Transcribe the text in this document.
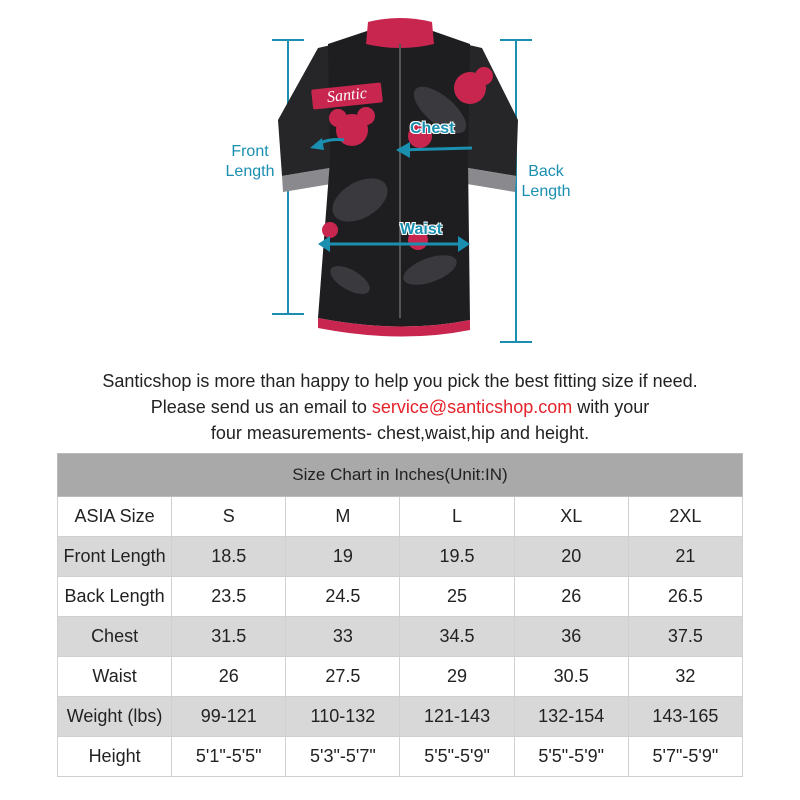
Front
Length	Back
Length
Chest
Waist
Santic
Santicshop is more than happy to help you pick the best fitting size if need.
Please send us an email to service@santicshop.com with your
four measurements- chest,waist,hip and height.
Size Chart in Inches(Unit:IN)					
ASIA Size	S	M	L	XL	2XL
Front Length	18.5	19	19.5	20	21
Back Length	23.5	24.5	25	26	26.5
Chest	31.5	33	34.5	36	37.5
Waist	26	27.5	29	30.5	32
Weight (lbs)	99-121	110-132	121-143	132-154	143-165
Height	5'1"-5'5"	5'3"-5'7"	5'5"-5'9"	5'5"-5'9"	5'7"-5'9"
